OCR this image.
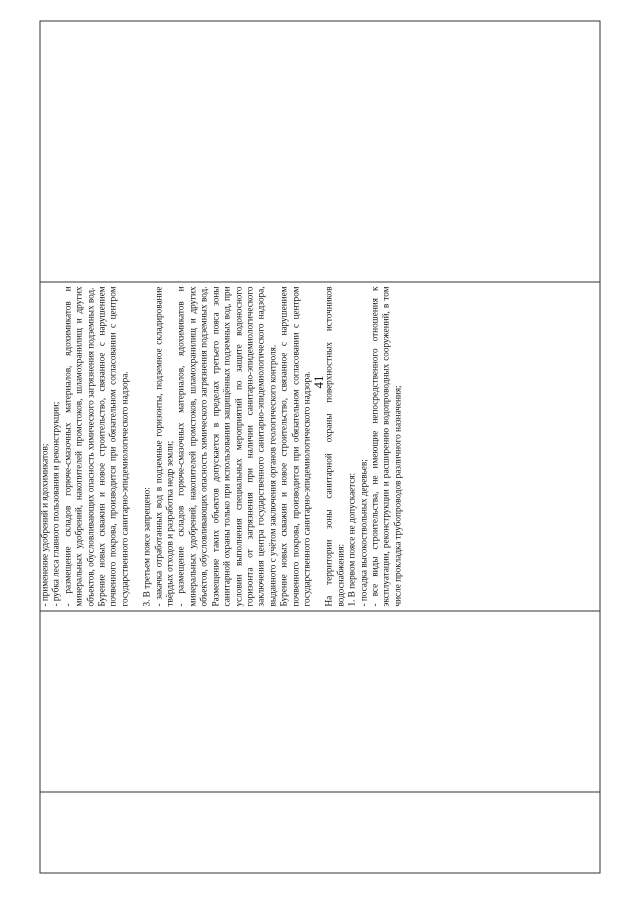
41

- применение удобрений и ядохимикатов; - рубка леса главного пользования и реконструкции; - размещение складов горюче-смазочных материалов, ядохимикатов и минеральных удобрений, накопителей промстоков, шламохранилищ и других объектов, обусловливающих опасность химического загрязнения подземных вод. Бурение новых скважин и новое строительство, связанное с нарушением почвенного покрова, производится при обязательном согласовании с центром государственного санитарно-эпидемиологического надзора. 3. В третьем поясе запрещено: - закачка отработанных вод в подземные горизонты, подземное складирование твёрдых отходов и разработка недр земли; - размещение складов горюче-смазочных материалов, ядохимикатов и минеральных удобрений, накопителей промстоков, шламохранилищ и других объектов, обусловливающих опасность химического загрязнения подземных вод. Размещение таких объектов допускается в пределах третьего пояса зоны санитарной охраны только при использовании защищённых подземных вод, при условии выполнения специальных мероприятий по защите водоносного горизонта от загрязнения при наличии санитарно-эпидемиологического заключения центра государственного санитарно-эпидемиологического надзора, выданного с учётом заключения органов геологического контроля. Бурение новых скважин и новое строительство, связанное с нарушением почвенного покрова, производится при обязательном согласовании с центром государственного санитарно-эпидемиологического надзора. На территории зоны санитарной охраны поверхностных источников водоснабжения: 1. В первом поясе не допускается: - посадка высокоствольных деревьев; - все виды строительства, не имеющие непосредственного отношения к эксплуатации, реконструкции и расширению водопроводных сооружений, в том числе прокладка трубопроводов различного назначения;
